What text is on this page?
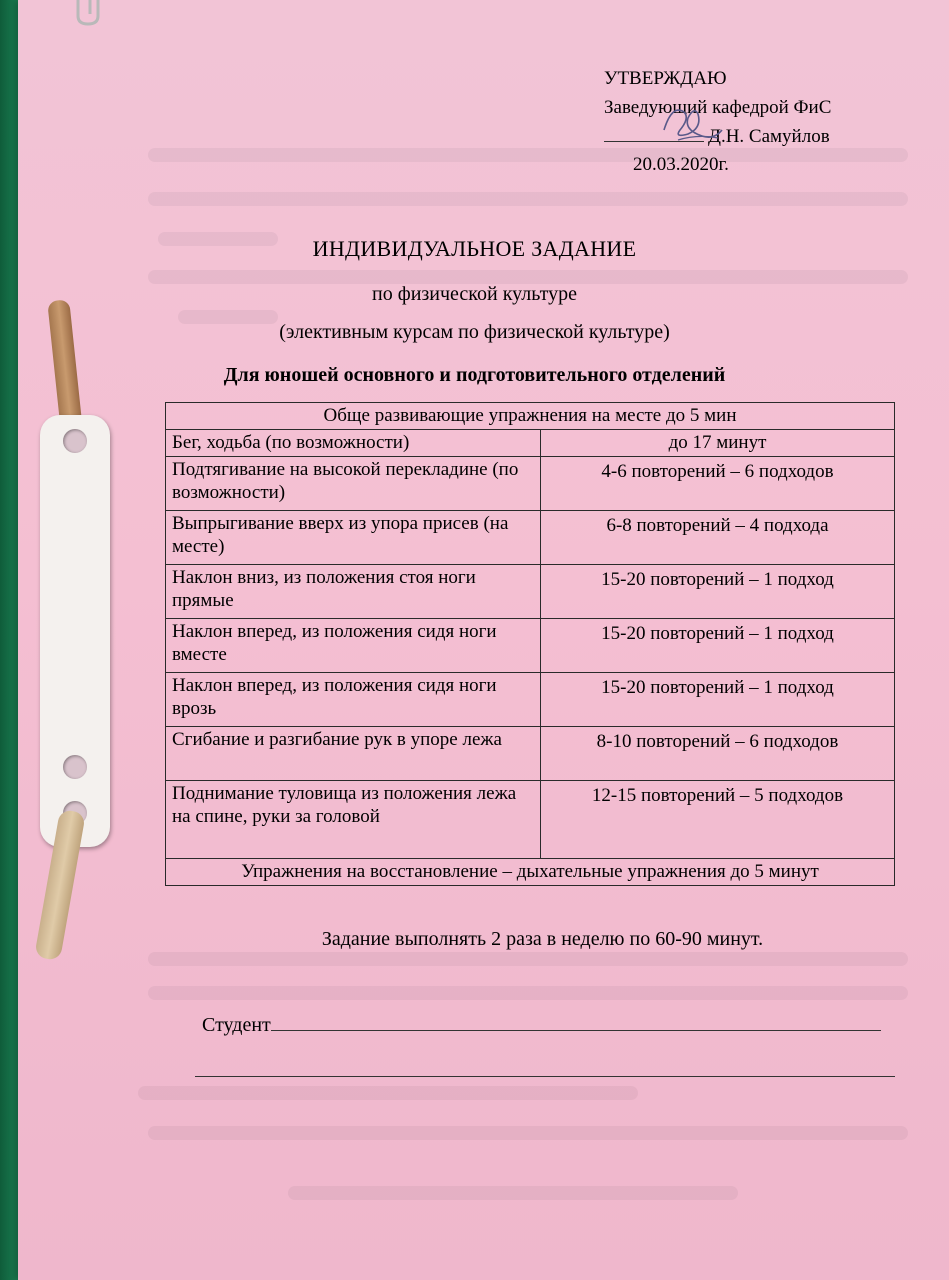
УТВЕРЖДАЮ
Заведующий кафедрой ФиС
Д.Н. Самуйлов
20.03.2020г.
ИНДИВИДУАЛЬНОЕ ЗАДАНИЕ
по физической культуре
(элективным курсам по физической культуре)
Для юношей основного и подготовительного отделений
Обще развивающие упражнения на месте до 5 мин	
Бег, ходьба (по возможности)	до 17 минут
Подтягивание на высокой перекладине (по возможности)	4-6 повторений – 6 подходов
Выпрыгивание вверх из упора присев (на месте)	6-8 повторений – 4 подхода
Наклон вниз, из положения стоя ноги прямые	15-20 повторений – 1 подход
Наклон вперед, из положения сидя ноги вместе	15-20 повторений – 1 подход
Наклон вперед, из положения сидя ноги врозь	15-20 повторений – 1 подход
Сгибание и разгибание рук в упоре лежа	8-10 повторений – 6 подходов
Поднимание туловища из положения лежа на спине, руки за головой	12-15 повторений – 5 подходов
Упражнения на восстановление – дыхательные упражнения до 5 минут	
Задание выполнять 2 раза в неделю по 60-90 минут.
Студент
